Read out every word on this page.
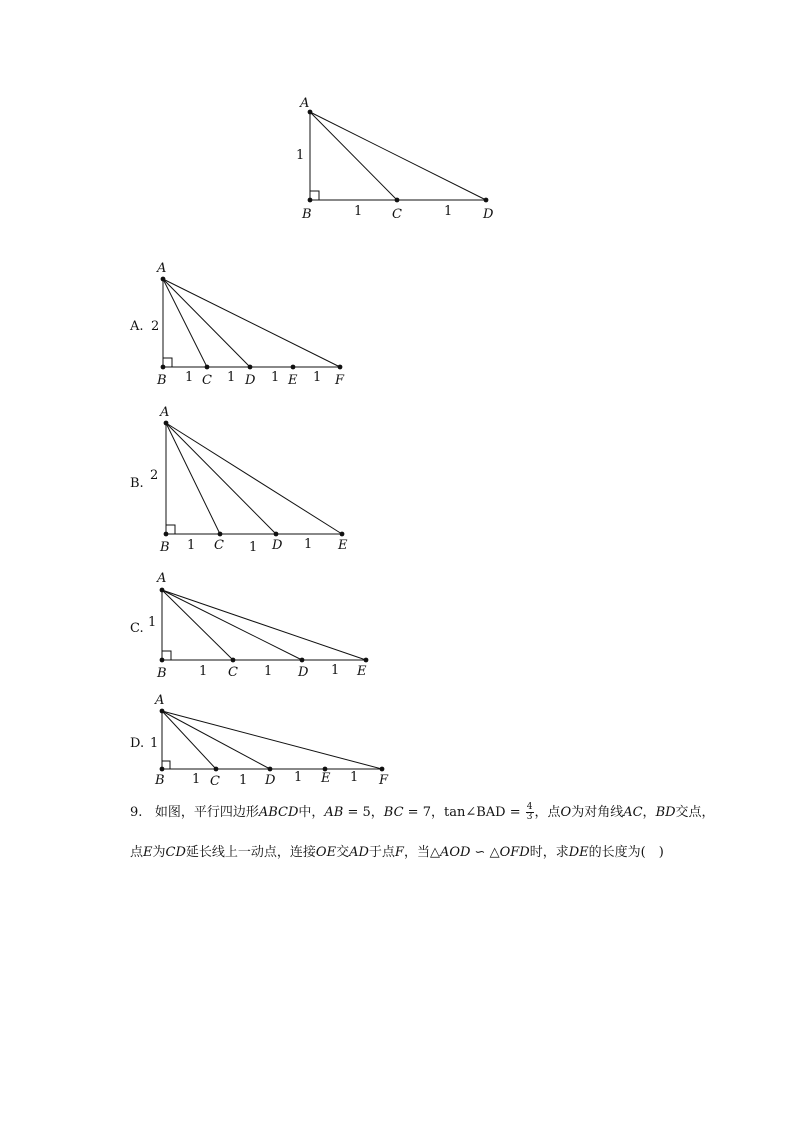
A
B	C	D
1
1	1
A. 2
A
B	C	D	E	F
1	1	1	1
B.
2
A
B	C	D	E
1	1	1
C. 1
A
B	C	D	E
1	1	1
D. 1
A
B	C	D	E	F
1	1	1	1
9. 如图，平行四边形ABCD中，AB = 5，BC = 7，tan∠BAD = $\frac{4}{3}$ ，点O为对角线AC，BD交点，
点E为CD延长线上一动点，连接OE交AD于点F，当△AOD ∽ △OFD时，求DE的长度为(　)
